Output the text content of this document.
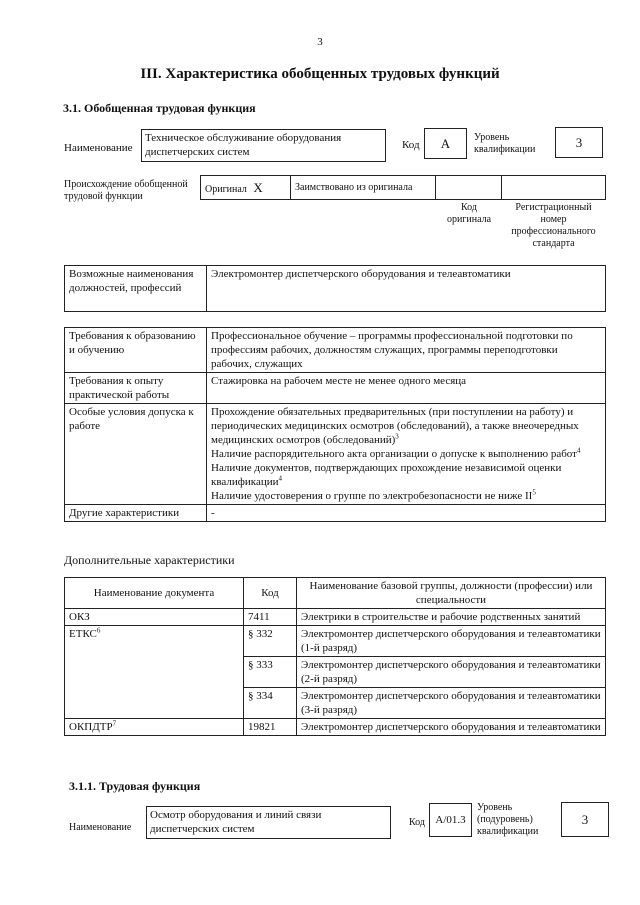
3
III. Характеристика обобщенных трудовых функций
3.1. Обобщенная трудовая функция
Наименование
Техническое обслуживание оборудования диспетчерских систем
Код	A	Уровень квалификации	3
Происхождение обобщенной трудовой функции
Оригинал X	Заимствовано из оригинала
Код оригинала
Регистрационный номер профессионального стандарта
Возможные наименования должностей, профессий	Электромонтер диспетчерского оборудования и телеавтоматики
Требования к образованию и обучению	Профессиональное обучение – программы профессиональной подготовки по профессиям рабочих, должностям служащих, программы переподготовки рабочих, служащих
Требования к опыту практической работы	Стажировка на рабочем месте не менее одного месяца
Особые условия допуска к работе	Прохождение обязательных предварительных (при поступлении на работу) и периодических медицинских осмотров (обследований), а также внеочередных медицинских осмотров (обследований)$^3$
Наличие распорядительного акта организации о допуске к выполнению работ$^4$
Наличие документов, подтверждающих прохождение независимой оценки квалификации$^4$
Наличие удостоверения о группе по электробезопасности не ниже $II^5$

Другие характеристики	-
Дополнительные характеристики
Наименование документа	Код	Наименование базовой группы, должности (профессии) или специальности
ОКЗ	7411	Электрики в строительстве и рабочие родственных занятий
ЕТКС$^6$	§ 332	Электромонтер диспетчерского оборудования и телеавтоматики (1-й разряд)
	§ 333	Электромонтер диспетчерского оборудования и телеавтоматики (2-й разряд)
	§ 334	Электромонтер диспетчерского оборудования и телеавтоматики (3-й разряд)
ОКПДТР$^7$	19821	Электромонтер диспетчерского оборудования и телеавтоматики
3.1.1. Трудовая функция
Наименование
Осмотр оборудования и линий связи диспетчерских систем
Код A/01.3
Уровень (подуровень) квалификации
3
